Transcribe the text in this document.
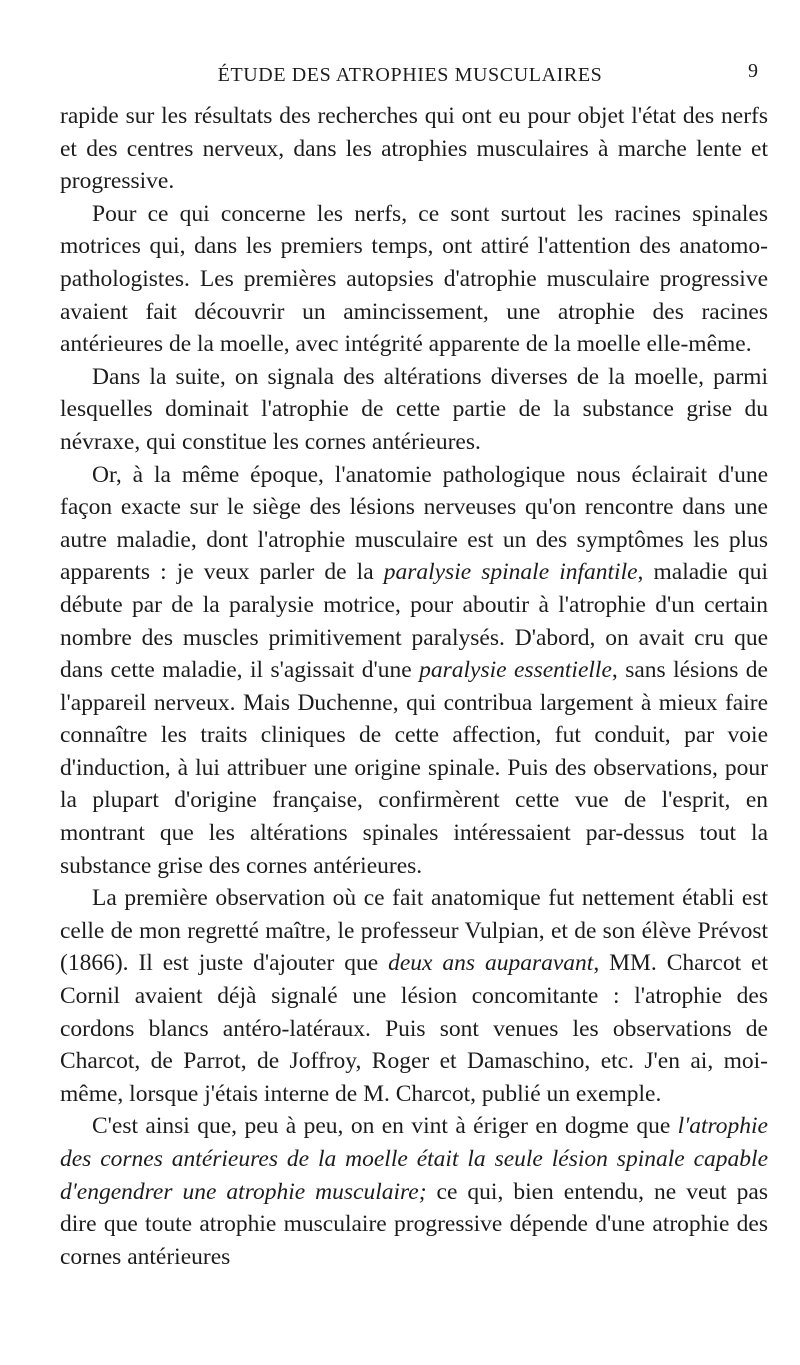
ÉTUDE DES ATROPHIES MUSCULAIRES	9

rapide sur les résultats des recherches qui ont eu pour objet l'état des nerfs et des centres nerveux, dans les atrophies musculaires à marche lente et progressive.

Pour ce qui concerne les nerfs, ce sont surtout les racines spinales motrices qui, dans les premiers temps, ont attiré l'attention des anatomo-pathologistes. Les premières autopsies d'atrophie musculaire progressive avaient fait découvrir un amincissement, une atrophie des racines antérieures de la moelle, avec intégrité apparente de la moelle elle-même.

Dans la suite, on signala des altérations diverses de la moelle, parmi lesquelles dominait l'atrophie de cette partie de la substance grise du névraxe, qui constitue les cornes antérieures.

Or, à la même époque, l'anatomie pathologique nous éclairait d'une façon exacte sur le siège des lésions nerveuses qu'on rencontre dans une autre maladie, dont l'atrophie musculaire est un des symptômes les plus apparents : je veux parler de la paralysie spinale infantile, maladie qui débute par de la paralysie motrice, pour aboutir à l'atrophie d'un certain nombre des muscles primitivement paralysés. D'abord, on avait cru que dans cette maladie, il s'agissait d'une paralysie essentielle, sans lésions de l'appareil nerveux. Mais Duchenne, qui contribua largement à mieux faire connaître les traits cliniques de cette affection, fut conduit, par voie d'induction, à lui attribuer une origine spinale. Puis des observations, pour la plupart d'origine française, confirmèrent cette vue de l'esprit, en montrant que les altérations spinales intéressaient par-dessus tout la substance grise des cornes antérieures.

La première observation où ce fait anatomique fut nettement établi est celle de mon regretté maître, le professeur Vulpian, et de son élève Prévost (1866). Il est juste d'ajouter que deux ans auparavant, MM. Charcot et Cornil avaient déjà signalé une lésion concomitante : l'atrophie des cordons blancs antéro-latéraux. Puis sont venues les observations de Charcot, de Parrot, de Joffroy, Roger et Damaschino, etc. J'en ai, moi-même, lorsque j'étais interne de M. Charcot, publié un exemple.

C'est ainsi que, peu à peu, on en vint à ériger en dogme que l'atrophie des cornes antérieures de la moelle était la seule lésion spinale capable d'engendrer une atrophie musculaire; ce qui, bien entendu, ne veut pas dire que toute atrophie musculaire progressive dépende d'une atrophie des cornes antérieures
